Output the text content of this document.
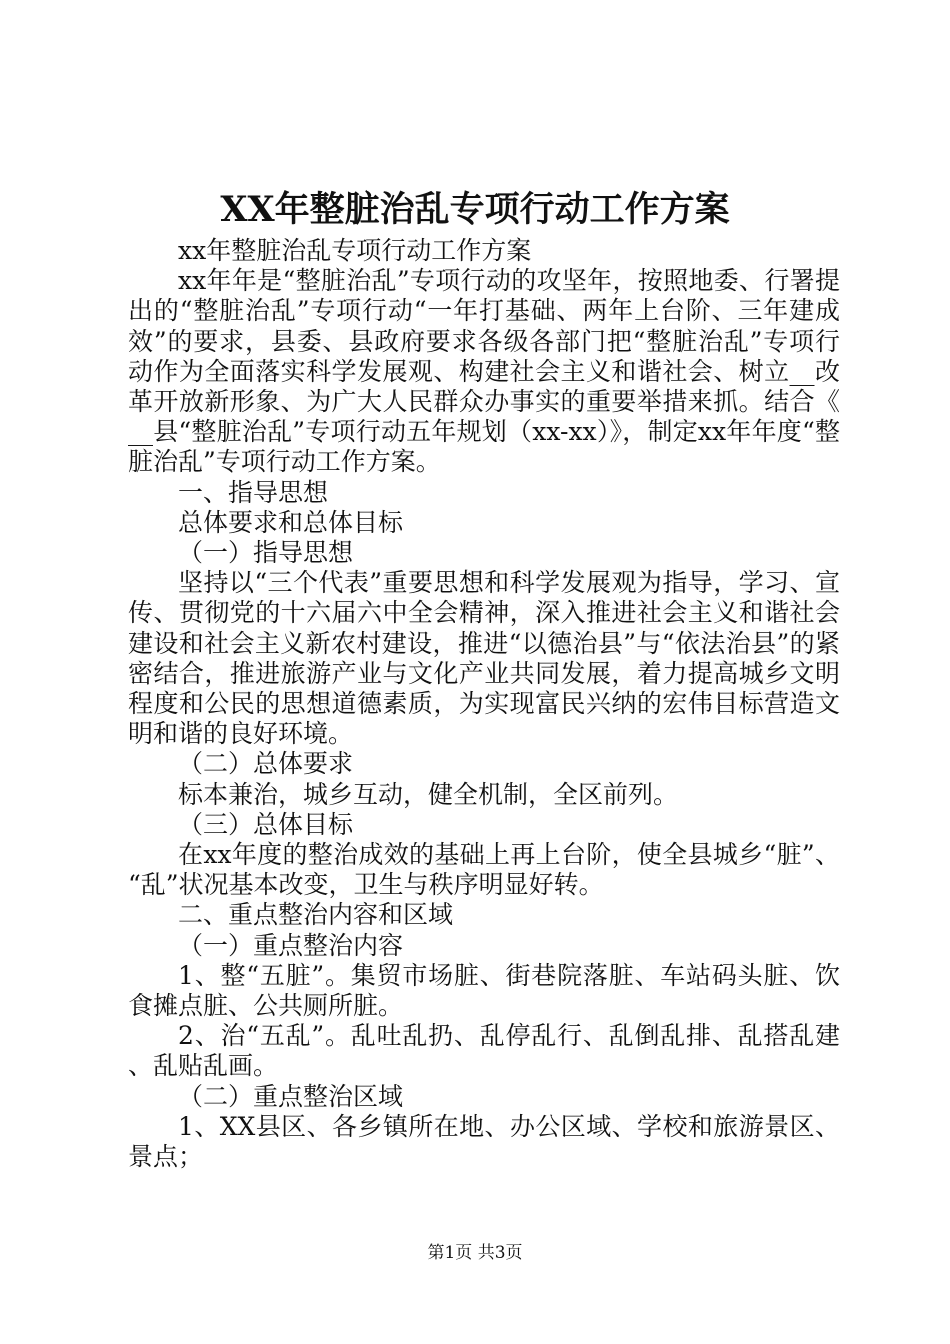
XX年整脏治乱专项行动工作方案

xx年整脏治乱专项行动工作方案

xx年年是“整脏治乱”专项行动的攻坚年，按照地委、行署提出的“整脏治乱”专项行动“一年打基础、两年上台阶、三年建成效”的要求，县委、县政府要求各级各部门把“整脏治乱”专项行动作为全面落实科学发展观、构建社会主义和谐社会、树立__改革开放新形象、为广大人民群众办事实的重要举措来抓。结合《__县“整脏治乱”专项行动五年规划（xx-xx）》，制定xx年年度“整脏治乱”专项行动工作方案。

一、指导思想

总体要求和总体目标

（一）指导思想

坚持以“三个代表”重要思想和科学发展观为指导，学习、宣传、贯彻党的十六届六中全会精神，深入推进社会主义和谐社会建设和社会主义新农村建设，推进“以德治县”与“依法治县”的紧密结合，推进旅游产业与文化产业共同发展，着力提高城乡文明程度和公民的思想道德素质，为实现富民兴纳的宏伟目标营造文明和谐的良好环境。

（二）总体要求

标本兼治，城乡互动，健全机制，全区前列。

（三）总体目标

在xx年度的整治成效的基础上再上台阶，使全县城乡“脏”、“乱”状况基本改变，卫生与秩序明显好转。

二、重点整治内容和区域

（一）重点整治内容

1、整“五脏”。集贸市场脏、街巷院落脏、车站码头脏、饮食摊点脏、公共厕所脏。

2、治“五乱”。乱吐乱扔、乱停乱行、乱倒乱排、乱搭乱建、乱贴乱画。

（二）重点整治区域

1、XX县区、各乡镇所在地、办公区域、学校和旅游景区、景点；

第1页 共3页
